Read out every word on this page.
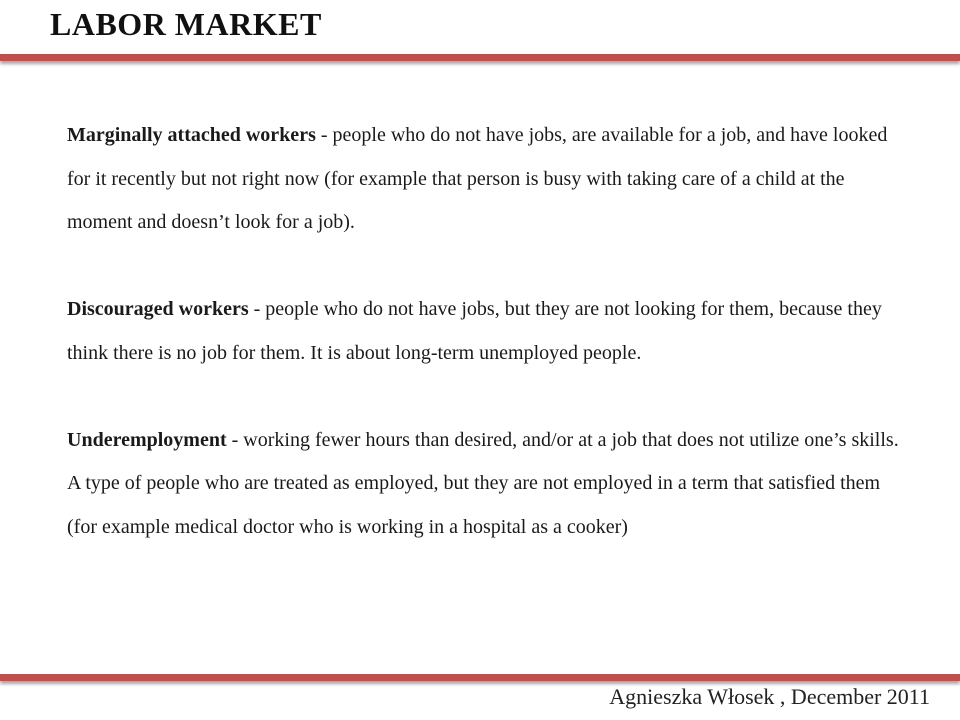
LABOR MARKET

Marginally attached workers - people who do not have jobs, are available for a job, and have looked for it recently but not right now (for example that person is busy with taking care of a child at the moment and doesn’t look for a job).

Discouraged workers - people who do not have jobs, but they are not looking for them, because they think there is no job for them. It is about long-term unemployed people.

Underemployment - working fewer hours than desired, and/or at a job that does not utilize one’s skills. A type of people who are treated as employed, but they are not employed in a term that satisfied them (for example medical doctor who is working in a hospital as a cooker)

Agnieszka Włosek , December 2011
